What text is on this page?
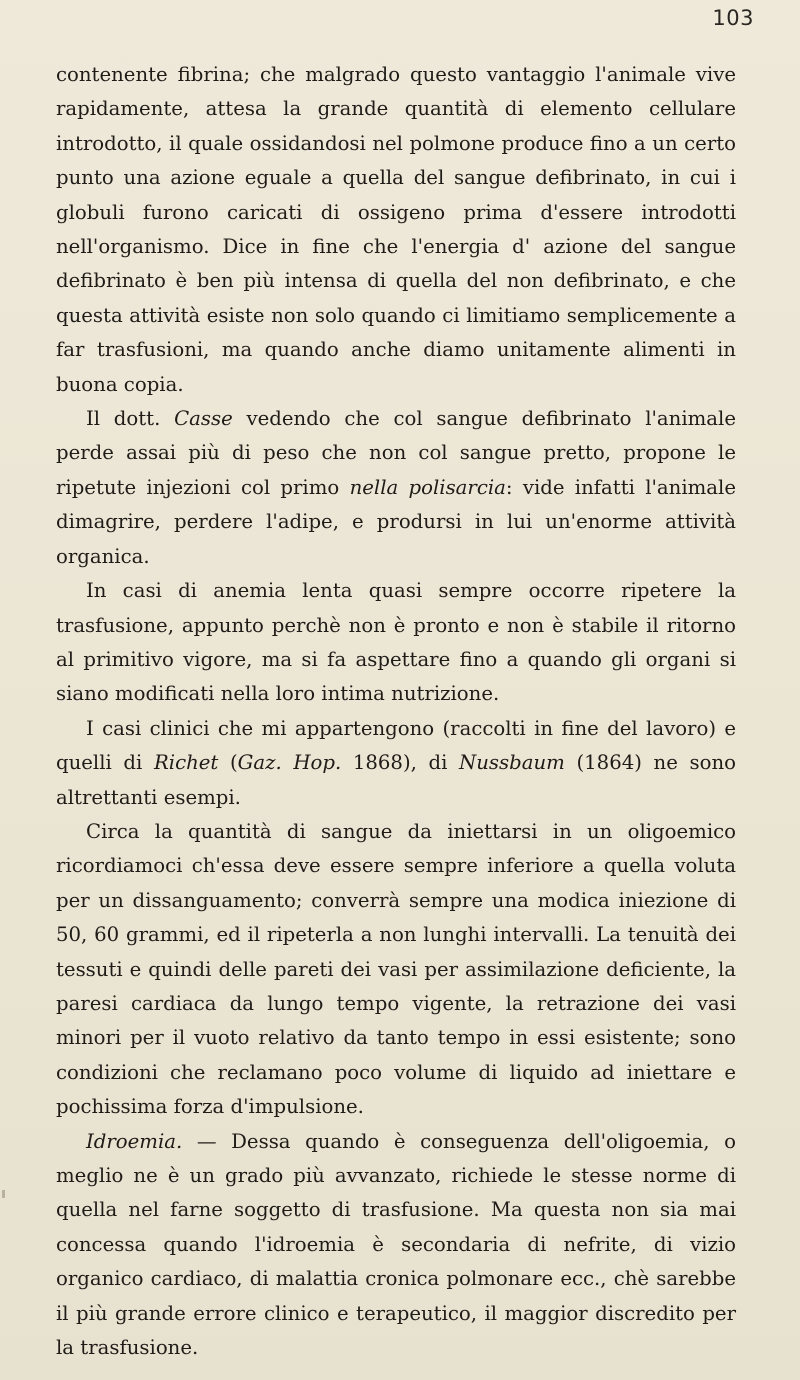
103

contenente fibrina; che malgrado questo vantaggio l'animale vive rapidamente, attesa la grande quantità di elemento cellulare introdotto, il quale ossidandosi nel polmone produce fino a un certo punto una azione eguale a quella del sangue defibrinato, in cui i globuli furono caricati di ossigeno prima d'essere introdotti nell'organismo. Dice in fine che l'energia d' azione del sangue defibrinato è ben più intensa di quella del non defibrinato, e che questa attività esiste non solo quando ci limitiamo semplicemente a far trasfusioni, ma quando anche diamo unitamente alimenti in buona copia.

Il dott. Casse vedendo che col sangue defibrinato l'animale perde assai più di peso che non col sangue pretto, propone le ripetute injezioni col primo nella polisarcia: vide infatti l'animale dimagrire, perdere l'adipe, e prodursi in lui un'enorme attività organica.

In casi di anemia lenta quasi sempre occorre ripetere la trasfusione, appunto perchè non è pronto e non è stabile il ritorno al primitivo vigore, ma si fa aspettare fino a quando gli organi si siano modificati nella loro intima nutrizione.

I casi clinici che mi appartengono (raccolti in fine del lavoro) e quelli di Richet (Gaz. Hop. 1868), di Nussbaum (1864) ne sono altrettanti esempi.

Circa la quantità di sangue da iniettarsi in un oligoemico ricordiamoci ch'essa deve essere sempre inferiore a quella voluta per un dissanguamento; converrà sempre una modica iniezione di 50, 60 grammi, ed il ripeterla a non lunghi intervalli. La tenuità dei tessuti e quindi delle pareti dei vasi per assimilazione deficiente, la paresi cardiaca da lungo tempo vigente, la retrazione dei vasi minori per il vuoto relativo da tanto tempo in essi esistente; sono condizioni che reclamano poco volume di liquido ad iniettare e pochissima forza d'impulsione.

Idroemia. — Dessa quando è conseguenza dell'oligoemia, o meglio ne è un grado più avvanzato, richiede le stesse norme di quella nel farne soggetto di trasfusione. Ma questa non sia mai concessa quando l'idroemia è secondaria di nefrite, di vizio organico cardiaco, di malattia cronica polmonare ecc., chè sarebbe il più grande errore clinico e terapeutico, il maggior discredito per la trasfusione.
